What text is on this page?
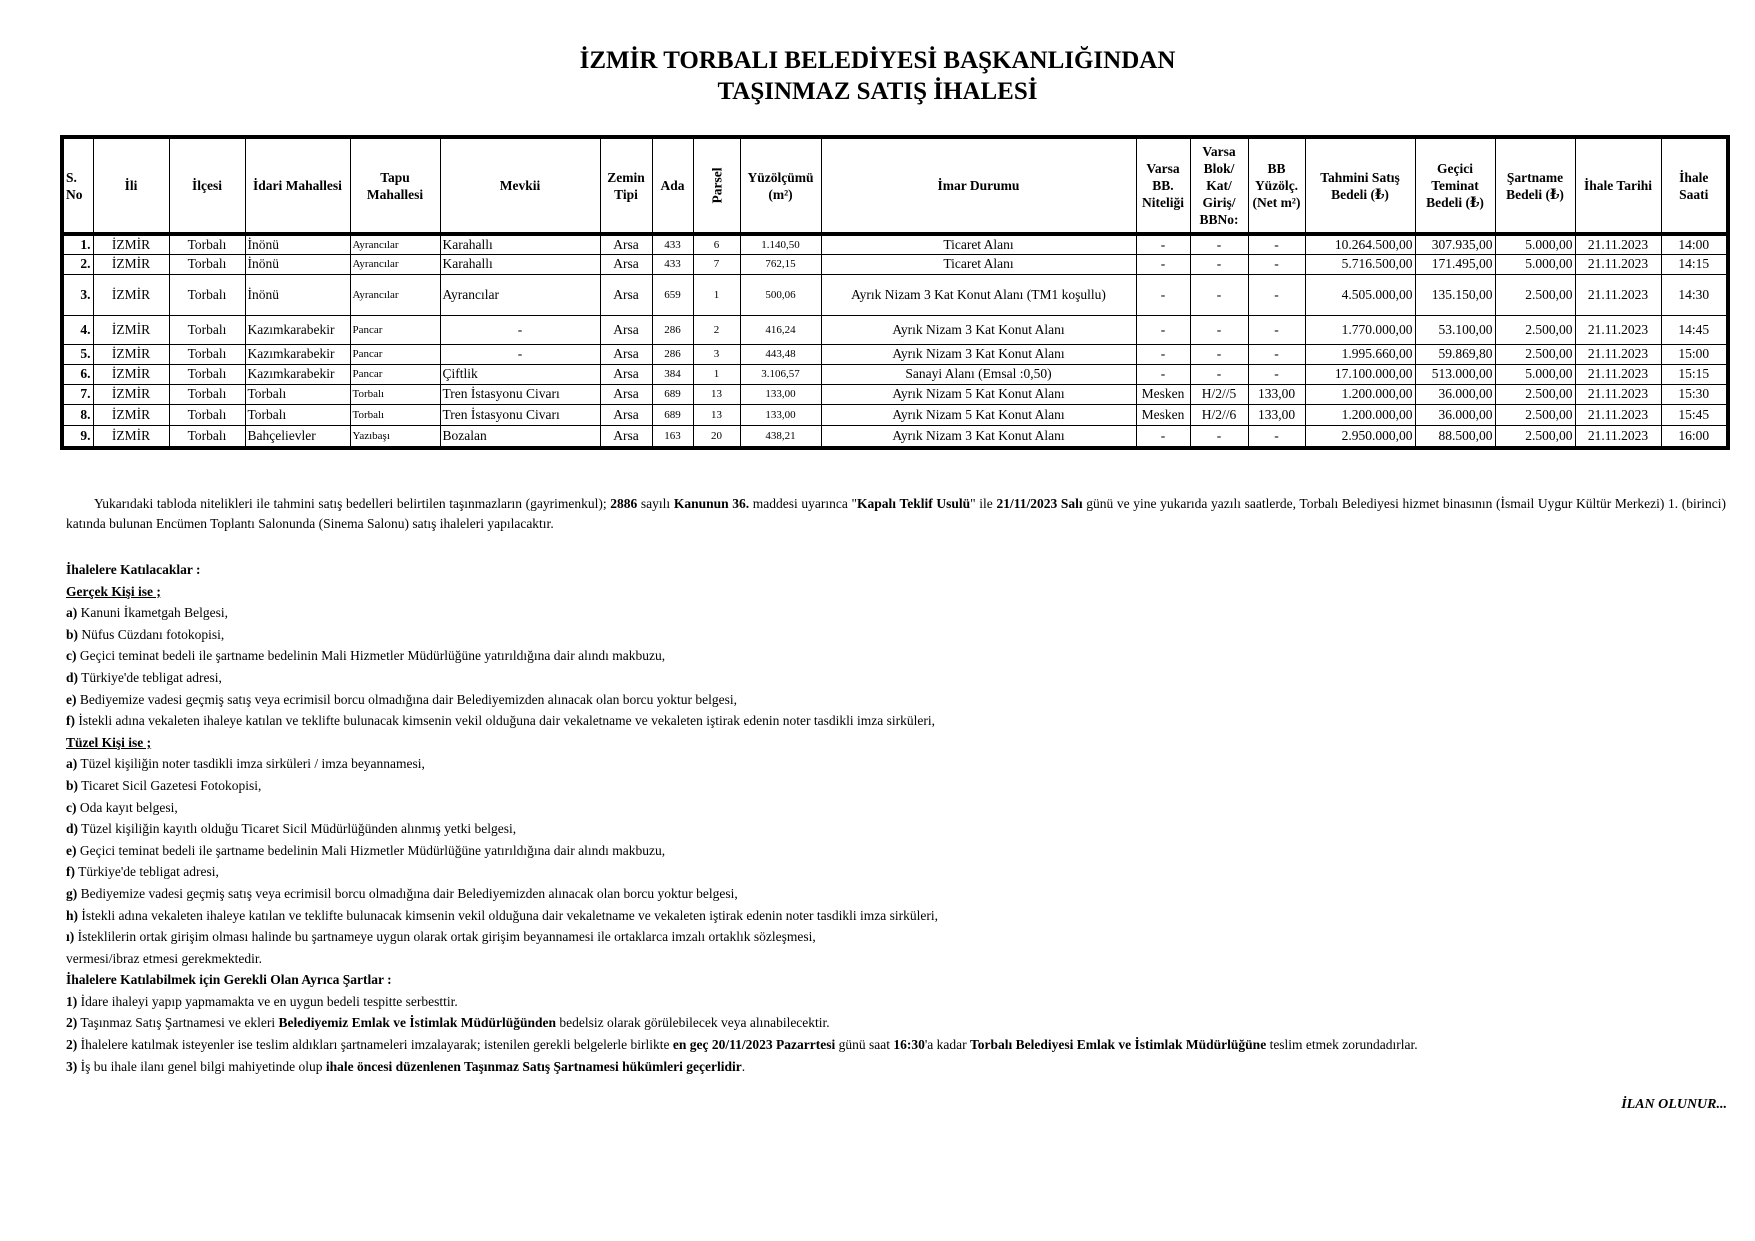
İZMİR TORBALI BELEDİYESİ BAŞKANLIĞINDAN
TAŞINMAZ SATIŞ İHALESİ
S. No	İli	İlçesi	İdari Mahallesi	Tapu Mahallesi	Mevkii	Zemin Tipi	Ada	Parsel	Yüzölçümü (m²)	İmar Durumu	Varsa BB. Niteliği	Varsa Blok/ Kat/ Giriş/ BBNo:	BB Yüzölç. (Net m²)	Tahmini Satış Bedeli (₺)	Geçici Teminat Bedeli (₺)	Şartname Bedeli (₺)	İhale Tarihi	İhale Saati
1.	İZMİR	Torbalı	İnönü	Ayrancılar	Karahallı	Arsa	433	6	1.140,50	Ticaret Alanı	-	-	-	10.264.500,00	307.935,00	5.000,00	21.11.2023	14:00
2.	İZMİR	Torbalı	İnönü	Ayrancılar	Karahallı	Arsa	433	7	762,15	Ticaret Alanı	-	-	-	5.716.500,00	171.495,00	5.000,00	21.11.2023	14:15
3.	İZMİR	Torbalı	İnönü	Ayrancılar	Ayrancılar	Arsa	659	1	500,06	Ayrık Nizam 3 Kat Konut Alanı (TM1 koşullu)	-	-	-	4.505.000,00	135.150,00	2.500,00	21.11.2023	14:30
4.	İZMİR	Torbalı	Kazımkarabekir	Pancar	-	Arsa	286	2	416,24	Ayrık Nizam 3 Kat Konut Alanı	-	-	-	1.770.000,00	53.100,00	2.500,00	21.11.2023	14:45
5.	İZMİR	Torbalı	Kazımkarabekir	Pancar	-	Arsa	286	3	443,48	Ayrık Nizam 3 Kat Konut Alanı	-	-	-	1.995.660,00	59.869,80	2.500,00	21.11.2023	15:00
6.	İZMİR	Torbalı	Kazımkarabekir	Pancar	Çiftlik	Arsa	384	1	3.106,57	Sanayi Alanı (Emsal :0,50)	-	-	-	17.100.000,00	513.000,00	5.000,00	21.11.2023	15:15
7.	İZMİR	Torbalı	Torbalı	Torbalı	Tren İstasyonu Civarı	Arsa	689	13	133,00	Ayrık Nizam 5 Kat Konut Alanı	Mesken	H/2//5	133,00	1.200.000,00	36.000,00	2.500,00	21.11.2023	15:30
8.	İZMİR	Torbalı	Torbalı	Torbalı	Tren İstasyonu Civarı	Arsa	689	13	133,00	Ayrık Nizam 5 Kat Konut Alanı	Mesken	H/2//6	133,00	1.200.000,00	36.000,00	2.500,00	21.11.2023	15:45
9.	İZMİR	Torbalı	Bahçelievler	Yazıbaşı	Bozalan	Arsa	163	20	438,21	Ayrık Nizam 3 Kat Konut Alanı	-	-	-	2.950.000,00	88.500,00	2.500,00	21.11.2023	16:00
Yukarıdaki tabloda nitelikleri ile tahmini satış bedelleri belirtilen taşınmazların (gayrimenkul); 2886 sayılı Kanunun 36. maddesi uyarınca "Kapalı Teklif Usulü" ile 21/11/2023 Salı günü ve yine yukarıda yazılı saatlerde, Torbalı Belediyesi hizmet binasının (İsmail Uygur Kültür Merkezi) 1. (birinci) katında bulunan Encümen Toplantı Salonunda (Sinema Salonu) satış ihaleleri yapılacaktır.
İhalelere Katılacaklar :
Gerçek Kişi ise ;
a) Kanuni İkametgah Belgesi,
b) Nüfus Cüzdanı fotokopisi,
c) Geçici teminat bedeli ile şartname bedelinin Mali Hizmetler Müdürlüğüne yatırıldığına dair alındı makbuzu,
d) Türkiye'de tebligat adresi,
e) Bediyemize vadesi geçmiş satış veya ecrimisil borcu olmadığına dair Belediyemizden alınacak olan borcu yoktur belgesi,
f) İstekli adına vekaleten ihaleye katılan ve teklifte bulunacak kimsenin vekil olduğuna dair vekaletname ve vekaleten iştirak edenin noter tasdikli imza sirküleri,
Tüzel Kişi ise ;
a) Tüzel kişiliğin noter tasdikli imza sirküleri / imza beyannamesi,
b) Ticaret Sicil Gazetesi Fotokopisi,
c) Oda kayıt belgesi,
d) Tüzel kişiliğin kayıtlı olduğu Ticaret Sicil Müdürlüğünden alınmış yetki belgesi,
e) Geçici teminat bedeli ile şartname bedelinin Mali Hizmetler Müdürlüğüne yatırıldığına dair alındı makbuzu,
f) Türkiye'de tebligat adresi,
g) Bediyemize vadesi geçmiş satış veya ecrimisil borcu olmadığına dair Belediyemizden alınacak olan borcu yoktur belgesi,
h) İstekli adına vekaleten ihaleye katılan ve teklifte bulunacak kimsenin vekil olduğuna dair vekaletname ve vekaleten iştirak edenin noter tasdikli imza sirküleri,
ı) İsteklilerin ortak girişim olması halinde bu şartnameye uygun olarak ortak girişim beyannamesi ile ortaklarca imzalı ortaklık sözleşmesi,
vermesi/ibraz etmesi gerekmektedir.
İhalelere Katılabilmek için Gerekli Olan Ayrıca Şartlar :
1) İdare ihaleyi yapıp yapmamakta ve en uygun bedeli tespitte serbesttir.
2) Taşınmaz Satış Şartnamesi ve ekleri Belediyemiz Emlak ve İstimlak Müdürlüğünden bedelsiz olarak görülebilecek veya alınabilecektir.
2) İhalelere katılmak isteyenler ise teslim aldıkları şartnameleri imzalayarak; istenilen gerekli belgelerle birlikte en geç 20/11/2023 Pazarrtesi günü saat 16:30'a kadar Torbalı Belediyesi Emlak ve İstimlak Müdürlüğüne teslim etmek zorundadırlar.
3) İş bu ihale ilanı genel bilgi mahiyetinde olup ihale öncesi düzenlenen Taşınmaz Satış Şartnamesi hükümleri geçerlidir.
İLAN OLUNUR...
